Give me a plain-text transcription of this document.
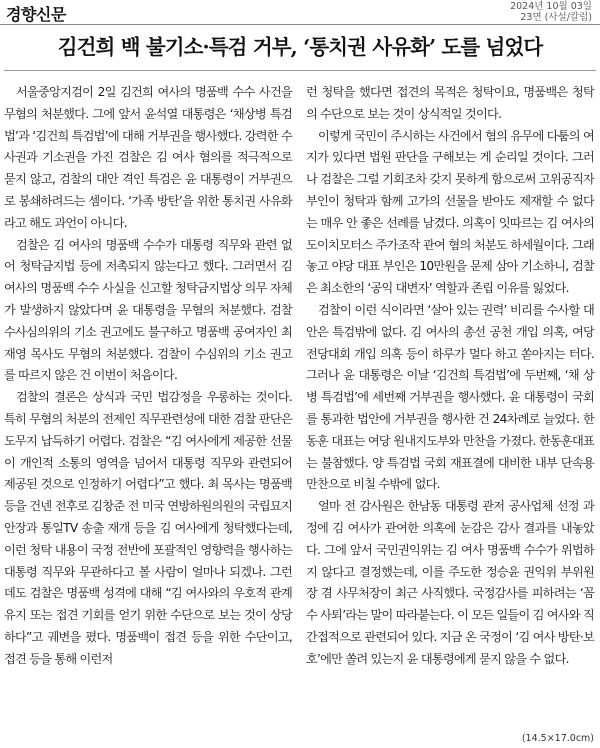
경향신문	2024년 10월 03일
23면 (사설/칼럼)
김건희 백 불기소·특검 거부, ‘통치권 사유화’ 도를 넘었다

서울중앙지검이 2일 김건희 여사의 명품백 수수 사건을 무혐의 처분했다. 그에 앞서 윤석열 대통령은 ‘채상병 특검법’과 ‘김건희 특검법’에 대해 거부권을 행사했다. 강력한 수사권과 기소권을 가진 검찰은 김 여사 혐의를 적극적으로 묻지 않고, 검찰의 대안 격인 특검은 윤 대통령이 거부권으로 봉쇄하려드는 셈이다. ‘가족 방탄’을 위한 통치권 사유화라고 해도 과언이 아니다.

검찰은 김 여사의 명품백 수수가 대통령 직무와 관련 없어 청탁금지법 등에 저촉되지 않는다고 했다. 그러면서 김 여사의 명품백 수수 사실을 신고할 청탁금지법상 의무 자체가 발생하지 않았다며 윤 대통령을 무혐의 처분했다. 검찰수사심의위의 기소 권고에도 불구하고 명품백 공여자인 최재영 목사도 무혐의 처분했다. 검찰이 수심위의 기소 권고를 따르지 않은 건 이번이 처음이다.

검찰의 결론은 상식과 국민 법감정을 우롱하는 것이다. 특히 무혐의 처분의 전제인 직무관련성에 대한 검찰 판단은 도무지 납득하기 어렵다. 검찰은 “김 여사에게 제공한 선물이 개인적 소통의 영역을 넘어서 대통령 직무와 관련되어 제공된 것으로 인정하기 어렵다”고 했다. 최 목사는 명품백 등을 건넨 전후로 김창준 전 미국 연방하원의원의 국립묘지 안장과 통일TV 송출 재개 등을 김 여사에게 청탁했다는데, 이런 청탁 내용이 국정 전반에 포괄적인 영향력을 행사하는 대통령 직무와 무관하다고 볼 사람이 얼마나 되겠나. 그런데도 검찰은 명품백 성격에 대해 “김 여사와의 우호적 관계 유지 또는 접견 기회를 얻기 위한 수단으로 보는 것이 상당하다”고 궤변을 폈다. 명품백이 접견 등을 위한 수단이고, 접견 등을 통해 이런저

런 청탁을 했다면 접견의 목적은 청탁이요, 명품백은 청탁의 수단으로 보는 것이 상식적일 것이다.

이렇게 국민이 주시하는 사건에서 혐의 유무에 다툼의 여지가 있다면 법원 판단을 구해보는 게 순리일 것이다. 그러나 검찰은 그럴 기회조차 갖지 못하게 함으로써 고위공직자 부인이 청탁과 함께 고가의 선물을 받아도 제재할 수 없다는 매우 안 좋은 선례를 남겼다. 의혹이 잇따르는 김 여사의 도이치모터스 주가조작 관여 혐의 처분도 하세월이다. 그래놓고 야당 대표 부인은 10만원을 문제 삼아 기소하니, 검찰은 최소한의 ‘공익 대변자’ 역할과 존립 이유를 잃었다.

검찰이 이런 식이라면 ‘살아 있는 권력’ 비리를 수사할 대안은 특검밖에 없다. 김 여사의 총선 공천 개입 의혹, 여당 전당대회 개입 의혹 등이 하루가 멀다 하고 쏟아지는 터다. 그러나 윤 대통령은 이날 ‘김건희 특검법’에 두번째, ‘채 상병 특검법’에 세번째 거부권을 행사했다. 윤 대통령이 국회를 통과한 법안에 거부권을 행사한 건 24차례로 늘었다. 한동훈 대표는 여당 원내지도부와 만찬을 가졌다. 한동훈대표는 불참했다. 양 특검법 국회 재표결에 대비한 내부 단속용 만찬으로 비칠 수밖에 없다.

얼마 전 감사원은 한남동 대통령 관저 공사업체 선정 과정에 김 여사가 관여한 의혹에 눈감은 감사 결과를 내놓았다. 그에 앞서 국민권익위는 김 여사 명품백 수수가 위법하지 않다고 결정했는데, 이를 주도한 정승윤 권익위 부위원장 겸 사무처장이 최근 사직했다. 국정감사를 피하려는 ‘꼼수 사퇴’라는 말이 따라붙는다. 이 모든 일들이 김 여사와 직간접적으로 관련되어 있다. 지금 온 국정이 ‘김 여사 방탄·보호’에만 쏠려 있는지 윤 대통령에게 묻지 않을 수 없다.

(14.5×17.0cm)
